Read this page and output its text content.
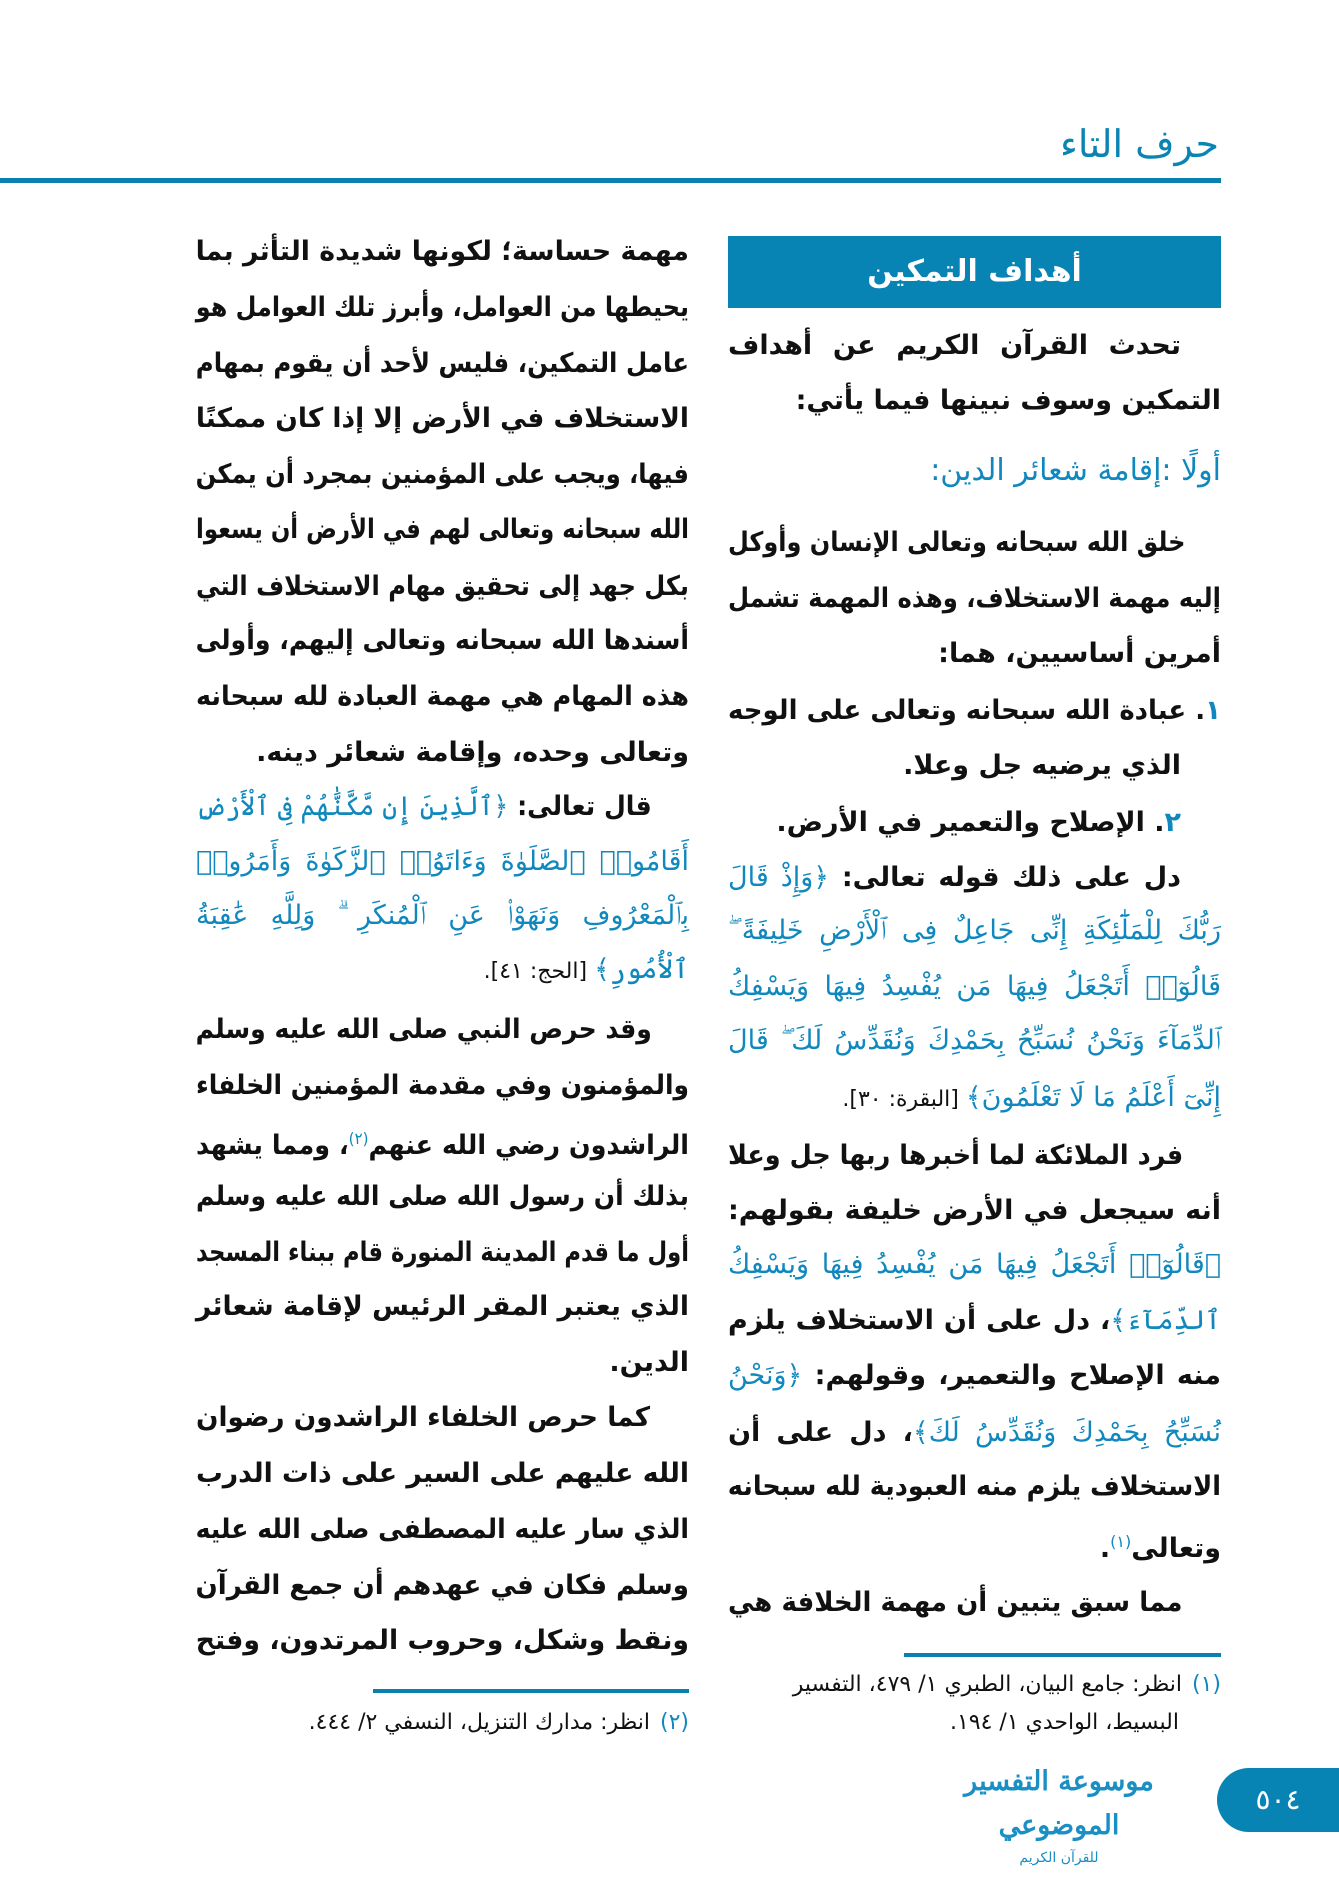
حرف التاء
أهداف التمكين
تحدث القرآن الكريم عن أهداف
التمكين وسوف نبينها فيما يأتي:
أولًا :إقامة شعائر الدين:
خلق الله سبحانه وتعالى الإنسان وأوكل
إليه مهمة الاستخلاف، وهذه المهمة تشمل
أمرين أساسيين، هما:
١. عبادة الله سبحانه وتعالى على الوجه
الذي يرضيه جل وعلا.
٢. الإصلاح والتعمير في الأرض.
دل على ذلك قوله تعالى: ﴿وَإِذْ قَالَ
رَبُّكَ لِلْمَلَٰٓئِكَةِ إِنِّى جَاعِلٌ فِى ٱلْأَرْضِ خَلِيفَةً ۖ
قَالُوٓا۟ أَتَجْعَلُ فِيهَا مَن يُفْسِدُ فِيهَا وَيَسْفِكُ
ٱلدِّمَآءَ وَنَحْنُ نُسَبِّحُ بِحَمْدِكَ وَنُقَدِّسُ لَكَ ۖ قَالَ
إِنِّىٓ أَعْلَمُ مَا لَا تَعْلَمُونَ﴾ [البقرة: ٣٠].
فرد الملائكة لما أخبرها ربها جل وعلا
أنه سيجعل في الأرض خليفة بقولهم:
﴿قَالُوٓا۟ أَتَجْعَلُ فِيهَا مَن يُفْسِدُ فِيهَا وَيَسْفِكُ
ٱلدِّمَآءَ﴾، دل على أن الاستخلاف يلزم
منه الإصلاح والتعمير، وقولهم: ﴿وَنَحْنُ
نُسَبِّحُ بِحَمْدِكَ وَنُقَدِّسُ لَكَ﴾، دل على أن
الاستخلاف يلزم منه العبودية لله سبحانه
وتعالى$^{(١)}$.
مما سبق يتبين أن مهمة الخلافة هي
مهمة حساسة؛ لكونها شديدة التأثر بما
يحيطها من العوامل، وأبرز تلك العوامل هو
عامل التمكين، فليس لأحد أن يقوم بمهام
الاستخلاف في الأرض إلا إذا كان ممكنًا
فيها، ويجب على المؤمنين بمجرد أن يمكن
الله سبحانه وتعالى لهم في الأرض أن يسعوا
بكل جهد إلى تحقيق مهام الاستخلاف التي
أسندها الله سبحانه وتعالى إليهم، وأولى
هذه المهام هي مهمة العبادة لله سبحانه
وتعالى وحده، وإقامة شعائر دينه.
قال تعالى: ﴿ٱلَّذِينَ إِن مَّكَّنَّٰهُمْ فِى ٱلْأَرْضِ
أَقَامُوا۟ ٱلصَّلَوٰةَ وَءَاتَوُا۟ ٱلزَّكَوٰةَ وَأَمَرُوا۟
بِٱلْمَعْرُوفِ وَنَهَوْا۟ عَنِ ٱلْمُنكَرِ ۗ وَلِلَّهِ عَٰقِبَةُ
ٱلْأُمُورِ﴾ [الحج: ٤١].
وقد حرص النبي صلى الله عليه وسلم
والمؤمنون وفي مقدمة المؤمنين الخلفاء
الراشدون رضي الله عنهم$^{(٢)}$، ومما يشهد
بذلك أن رسول الله صلى الله عليه وسلم
أول ما قدم المدينة المنورة قام ببناء المسجد
الذي يعتبر المقر الرئيس لإقامة شعائر
الدين.
كما حرص الخلفاء الراشدون رضوان
الله عليهم على السير على ذات الدرب
الذي سار عليه المصطفى صلى الله عليه
وسلم فكان في عهدهم أن جمع القرآن
ونقط وشكل، وحروب المرتدون، وفتح
(١)انظر: جامع البيان، الطبري ١/ ٤٧٩، التفسير
البسيط، الواحدي ١/ ١٩٤.
(٢)انظر: مدارك التنزيل، النسفي ٢/ ٤٤٤.
موسوعة التفسير الموضوعي
للقرآن الكريم
٥٠٤
